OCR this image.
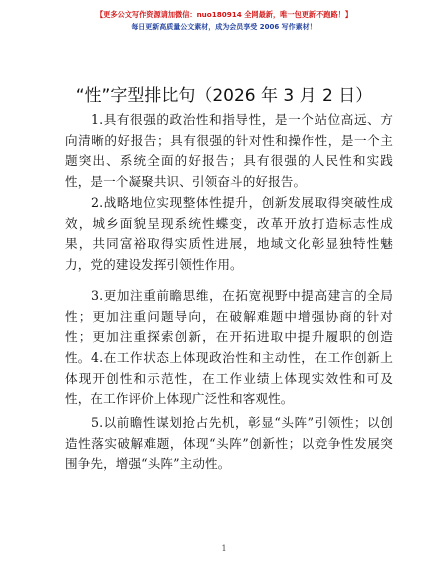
【更多公文写作资源请加微信：nuo180914 全网最新，唯一包更新不跑路！】
每日更新高质量公文素材，成为会员享受 2006 写作素材！
“性”字型排比句（2026 年 3 月 2 日）

1.具有很强的政治性和指导性，是一个站位高远、方向清晰的好报告；具有很强的针对性和操作性，是一个主题突出、系统全面的好报告；具有很强的人民性和实践性，是一个凝聚共识、引领奋斗的好报告。

2.战略地位实现整体性提升，创新发展取得突破性成效，城乡面貌呈现系统性蝶变，改革开放打造标志性成果，共同富裕取得实质性进展，地域文化彰显独特性魅力，党的建设发挥引领性作用。

3.更加注重前瞻思维，在拓宽视野中提高建言的全局性；更加注重问题导向，在破解难题中增强协商的针对性；更加注重探索创新，在开拓进取中提升履职的创造性。 4.在工作状态上体现政治性和主动性，在工作创新上体现开创性和示范性，在工作业绩上体现实效性和可及性，在工作评价上体现广泛性和客观性。

5.以前瞻性谋划抢占先机，彰显“头阵”引领性；以创造性落实破解难题，体现“头阵”创新性；以竞争性发展突围争先，增强“头阵”主动性。

1
